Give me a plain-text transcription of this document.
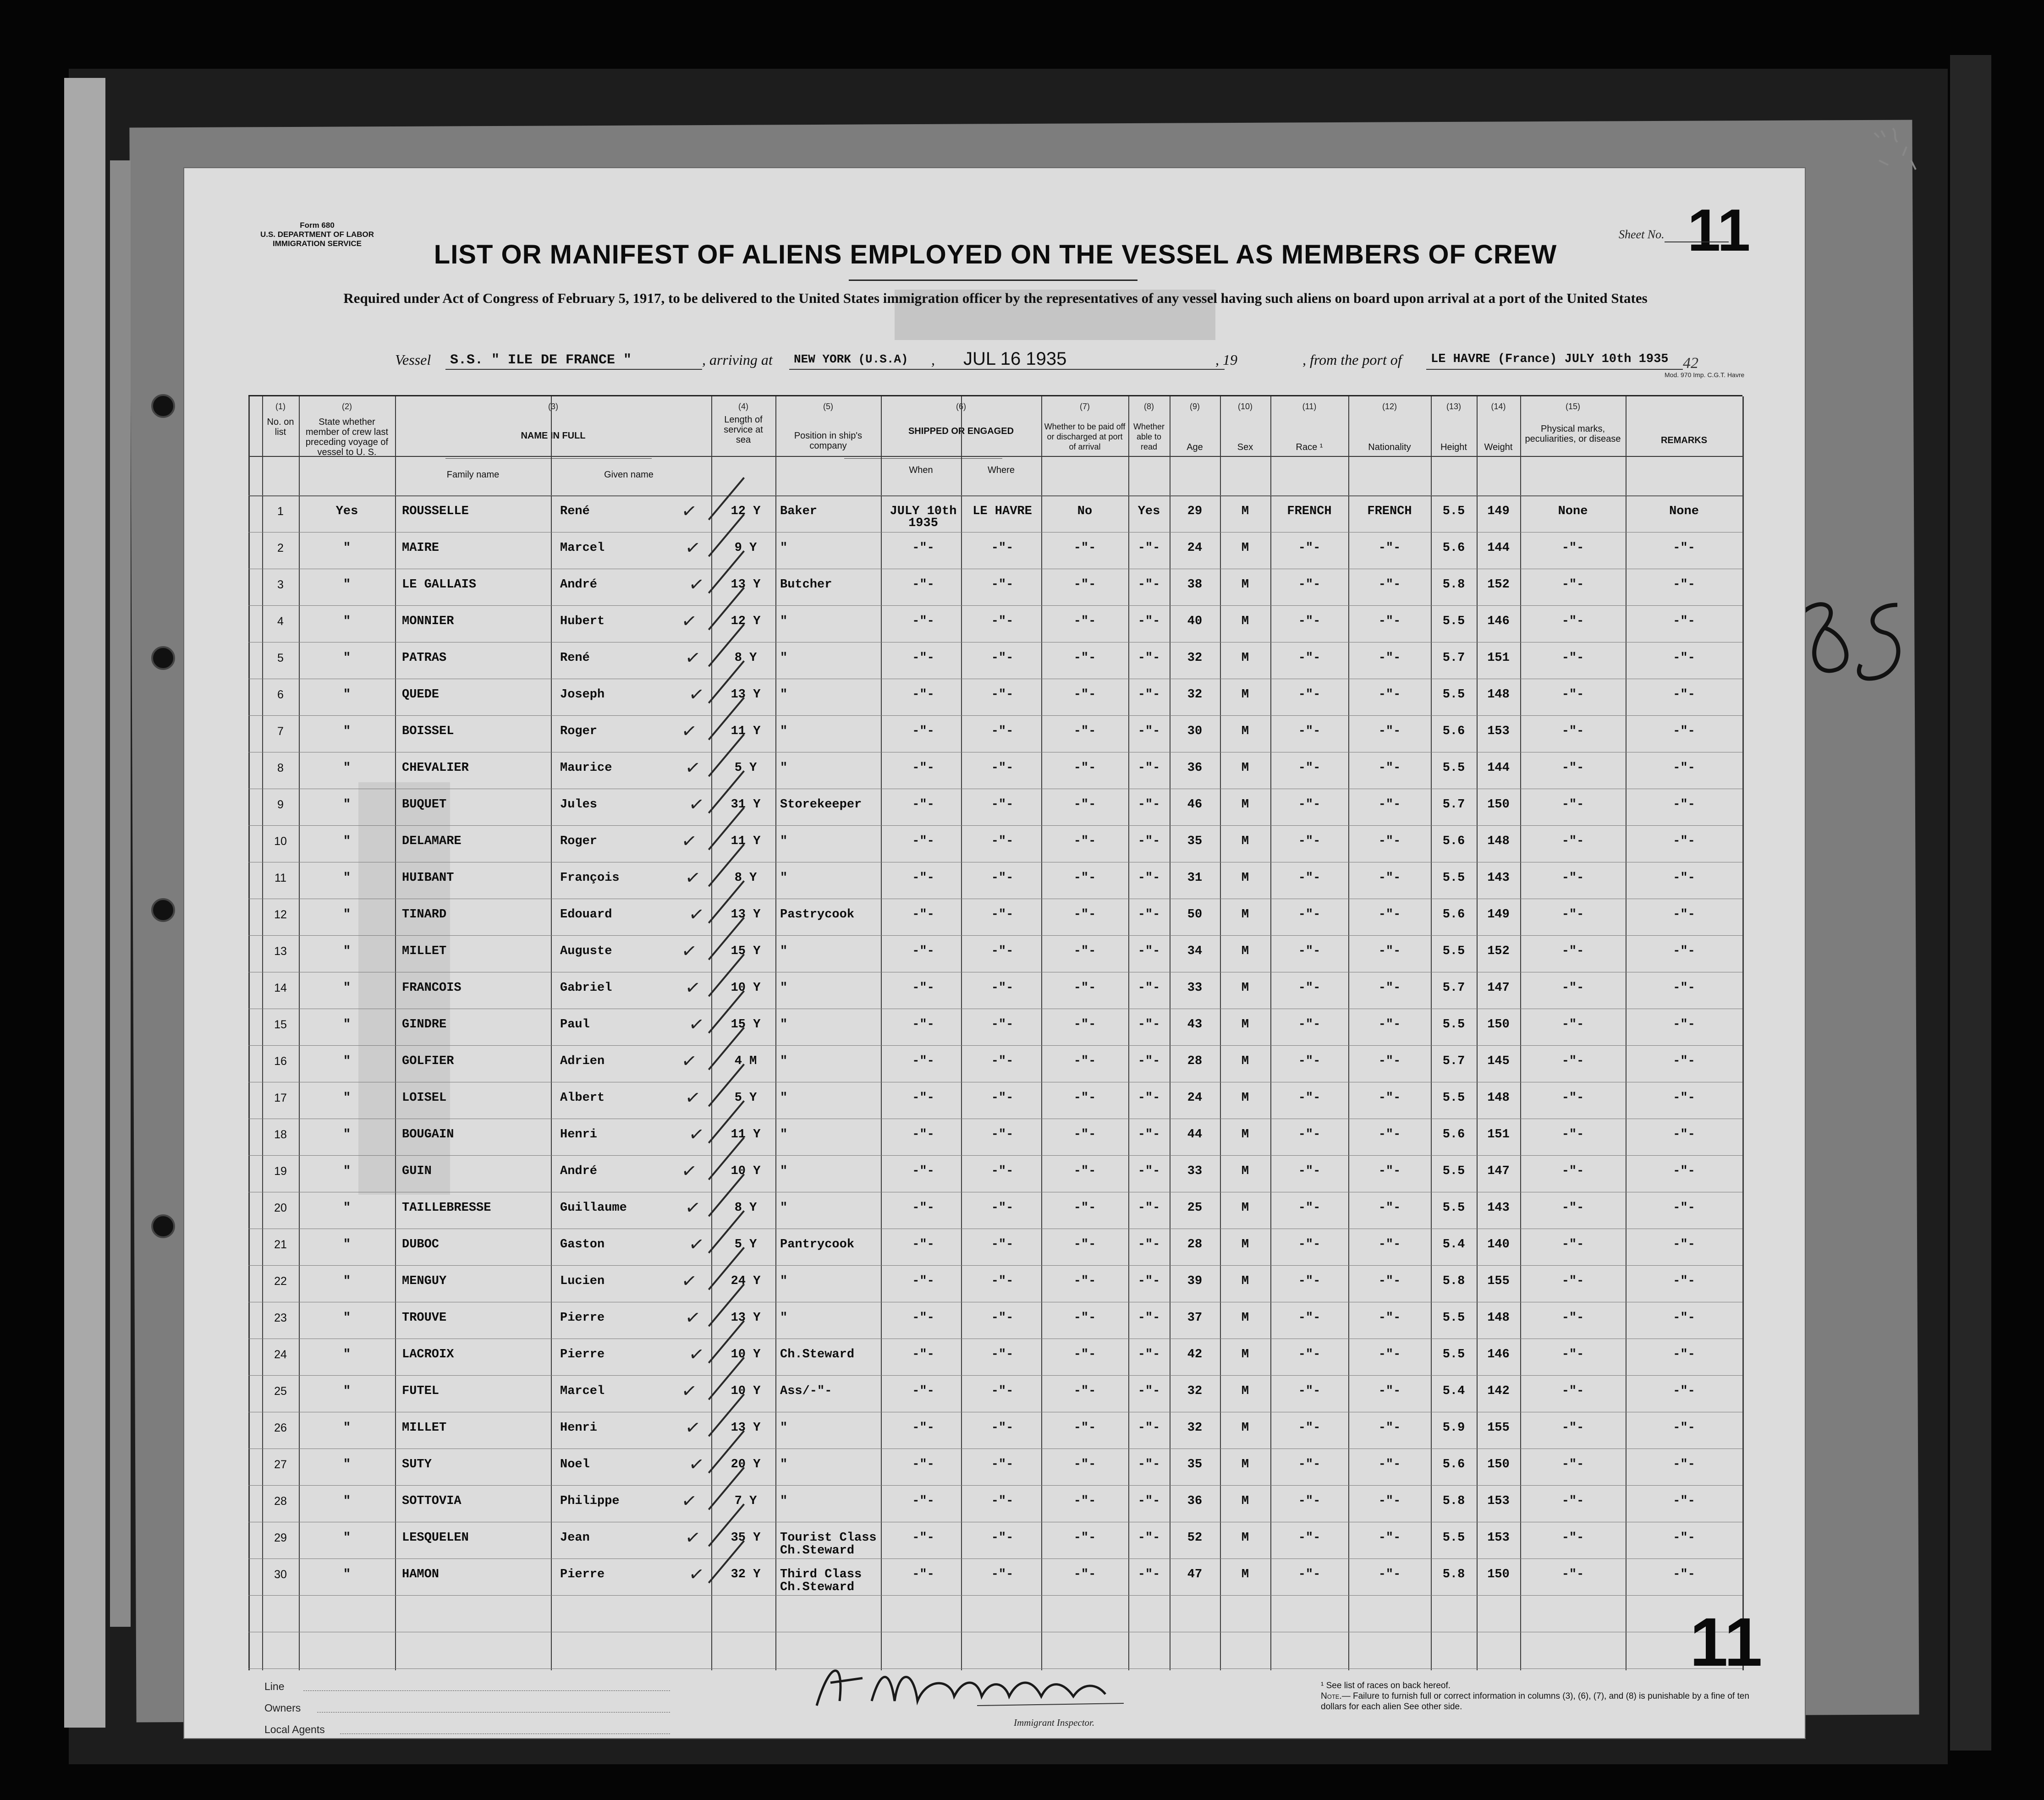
Form 680
U.S. DEPARTMENT OF LABOR
IMMIGRATION SERVICE
Sheet No. 11
LIST OR MANIFEST OF ALIENS EMPLOYED ON THE VESSEL AS MEMBERS OF CREW
Required under Act of Congress of February 5, 1917, to be delivered to the United States immigration officer by the representatives of any vessel having such aliens on board upon arrival at a port of the United States
Vessel S.S. " ILE DE FRANCE "	, arriving at NEW YORK (U.S.A) , JUL 16 1935	, 19	, from the port of LE HAVRE (France) JULY 10th 1935 42
Mod. 970 Imp. C.G.T. Havre
(1)	(2)	(3)	(4)	(5)	(6)	(7)	(8)	(9)	(10)	(11)	(12)	(13)	(14)	(15)
No. on list
State whether member of crew last preceding voyage of vessel to U. S.
NAME IN FULL
Family name	Given name
Length of service at sea	Position in ship's company
SHIPPED OR ENGAGED
When	Where
Whether to be paid off or discharged at port of arrival
Whether able to read	Age	Sex	Race ¹	Nationality	Height	Weight
Physical marks, peculiarities, or disease	REMARKS
1	Yes	ROUSSELLE	René	12 Y	Baker	JULY 10th	LE HAVRE	No	Yes	29	M	FRENCH	FRENCH	5.5	149	None	None
1935
✓
2	"	MAIRE	Marcel	9 Y	"	-"-	-"-	-"-	-"-	24	M	-"-	-"-	5.6	144	-"-	-"-
✓
3	"	LE GALLAIS	André	13 Y	Butcher	-"-	-"-	-"-	-"-	38	M	-"-	-"-	5.8	152	-"-	-"-
✓
4	"	MONNIER	Hubert	12 Y	"	-"-	-"-	-"-	-"-	40	M	-"-	-"-	5.5	146	-"-	-"-
✓
5	"	PATRAS	René	8 Y	"	-"-	-"-	-"-	-"-	32	M	-"-	-"-	5.7	151	-"-	-"-
✓
6	"	QUEDE	Joseph	13 Y	"	-"-	-"-	-"-	-"-	32	M	-"-	-"-	5.5	148	-"-	-"-
✓
7	"	BOISSEL	Roger	11 Y	"	-"-	-"-	-"-	-"-	30	M	-"-	-"-	5.6	153	-"-	-"-
✓
8	"	CHEVALIER	Maurice	5 Y	"	-"-	-"-	-"-	-"-	36	M	-"-	-"-	5.5	144	-"-	-"-
✓
9	"	BUQUET	Jules	31 Y	Storekeeper	-"-	-"-	-"-	-"-	46	M	-"-	-"-	5.7	150	-"-	-"-
✓
10	"	DELAMARE	Roger	11 Y	"	-"-	-"-	-"-	-"-	35	M	-"-	-"-	5.6	148	-"-	-"-
✓
11	"	HUIBANT	François	8 Y	"	-"-	-"-	-"-	-"-	31	M	-"-	-"-	5.5	143	-"-	-"-
✓
12	"	TINARD	Edouard	13 Y	Pastrycook	-"-	-"-	-"-	-"-	50	M	-"-	-"-	5.6	149	-"-	-"-
✓
13	"	MILLET	Auguste	15 Y	"	-"-	-"-	-"-	-"-	34	M	-"-	-"-	5.5	152	-"-	-"-
✓
14	"	FRANCOIS	Gabriel	10 Y	"	-"-	-"-	-"-	-"-	33	M	-"-	-"-	5.7	147	-"-	-"-
✓
15	"	GINDRE	Paul	15 Y	"	-"-	-"-	-"-	-"-	43	M	-"-	-"-	5.5	150	-"-	-"-
✓
16	"	GOLFIER	Adrien	4 M	"	-"-	-"-	-"-	-"-	28	M	-"-	-"-	5.7	145	-"-	-"-
✓
17	"	LOISEL	Albert	5 Y	"	-"-	-"-	-"-	-"-	24	M	-"-	-"-	5.5	148	-"-	-"-
✓
18	"	BOUGAIN	Henri	11 Y	"	-"-	-"-	-"-	-"-	44	M	-"-	-"-	5.6	151	-"-	-"-
✓
19	"	GUIN	André	10 Y	"	-"-	-"-	-"-	-"-	33	M	-"-	-"-	5.5	147	-"-	-"-
✓
20	"	TAILLEBRESSE	Guillaume	8 Y	"	-"-	-"-	-"-	-"-	25	M	-"-	-"-	5.5	143	-"-	-"-
✓
21	"	DUBOC	Gaston	5 Y	Pantrycook	-"-	-"-	-"-	-"-	28	M	-"-	-"-	5.4	140	-"-	-"-
✓
22	"	MENGUY	Lucien	24 Y	"	-"-	-"-	-"-	-"-	39	M	-"-	-"-	5.8	155	-"-	-"-
✓
23	"	TROUVE	Pierre	13 Y	"	-"-	-"-	-"-	-"-	37	M	-"-	-"-	5.5	148	-"-	-"-
✓
24	"	LACROIX	Pierre	10 Y	Ch.Steward	-"-	-"-	-"-	-"-	42	M	-"-	-"-	5.5	146	-"-	-"-
✓
25	"	FUTEL	Marcel	10 Y	Ass/-"-	-"-	-"-	-"-	-"-	32	M	-"-	-"-	5.4	142	-"-	-"-
✓
26	"	MILLET	Henri	13 Y	"	-"-	-"-	-"-	-"-	32	M	-"-	-"-	5.9	155	-"-	-"-
✓
27	"	SUTY	Noel	20 Y	"	-"-	-"-	-"-	-"-	35	M	-"-	-"-	5.6	150	-"-	-"-
✓
28	"	SOTTOVIA	Philippe	7 Y	"	-"-	-"-	-"-	-"-	36	M	-"-	-"-	5.8	153	-"-	-"-
✓
29	"	LESQUELEN	Jean	35 Y	Tourist Class	-"-	-"-	-"-	-"-	52	M	-"-	-"-	5.5	153	-"-	-"-
Ch.Steward
✓
30	"	HAMON	Pierre	32 Y	Third Class	-"-	-"-	-"-	-"-	47	M	-"-	-"-	5.8	150	-"-	-"-
Ch.Steward
✓
Immigrant Inspector.
Line
Owners
Local Agents
¹ See list of races on back hereof.
Note.— Failure to furnish full or correct information in columns (3), (6), (7), and (8) is punishable by a fine of ten dollars for each alien See other side.
11
